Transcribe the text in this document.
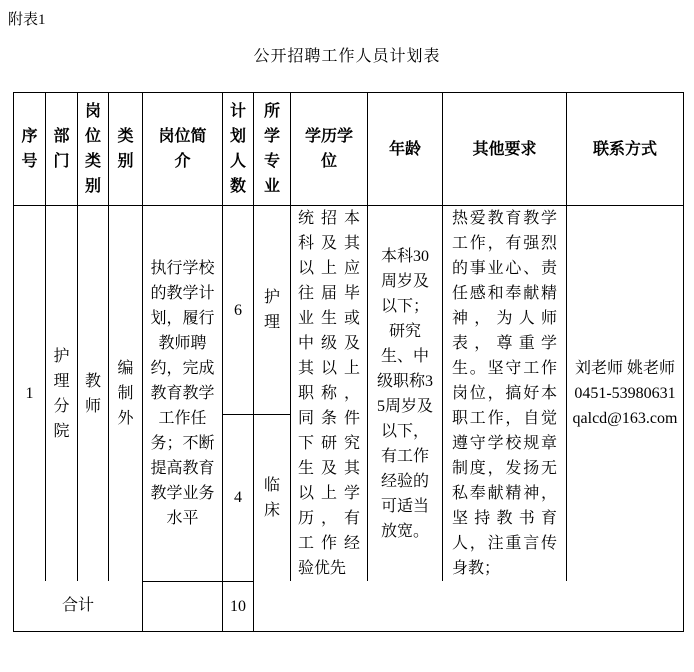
附表1
公开招聘工作人员计划表
序号	部门	岗位类别	类别	岗位简介	计划人数	所学专业	学历学位	年龄	其他要求	联系方式
1	护理分院	教师	编制外	执行学校的教学计划，履行教师聘约，完成教育教学工作任务；不断提高教育教学业务水平	6	护理	统招本科及其以上应往届毕业生或中级及其以上职称，同条件下研究生及其以上学历，有工作经验优先	本科30周岁及以下；研究生、中级职称35周岁及以下，有工作经验的可适当放宽。	热爱教育教学工作，有强烈的事业心、责任感和奉献精神，为人师表，尊重学生。坚守工作岗位，搞好本职工作，自觉遵守学校规章制度，发扬无私奉献精神，坚持教书育人，注重言传身教；	刘老师 姚老师
0451-53980631
qalcd@163.com

					4	临床				
合计					10					
